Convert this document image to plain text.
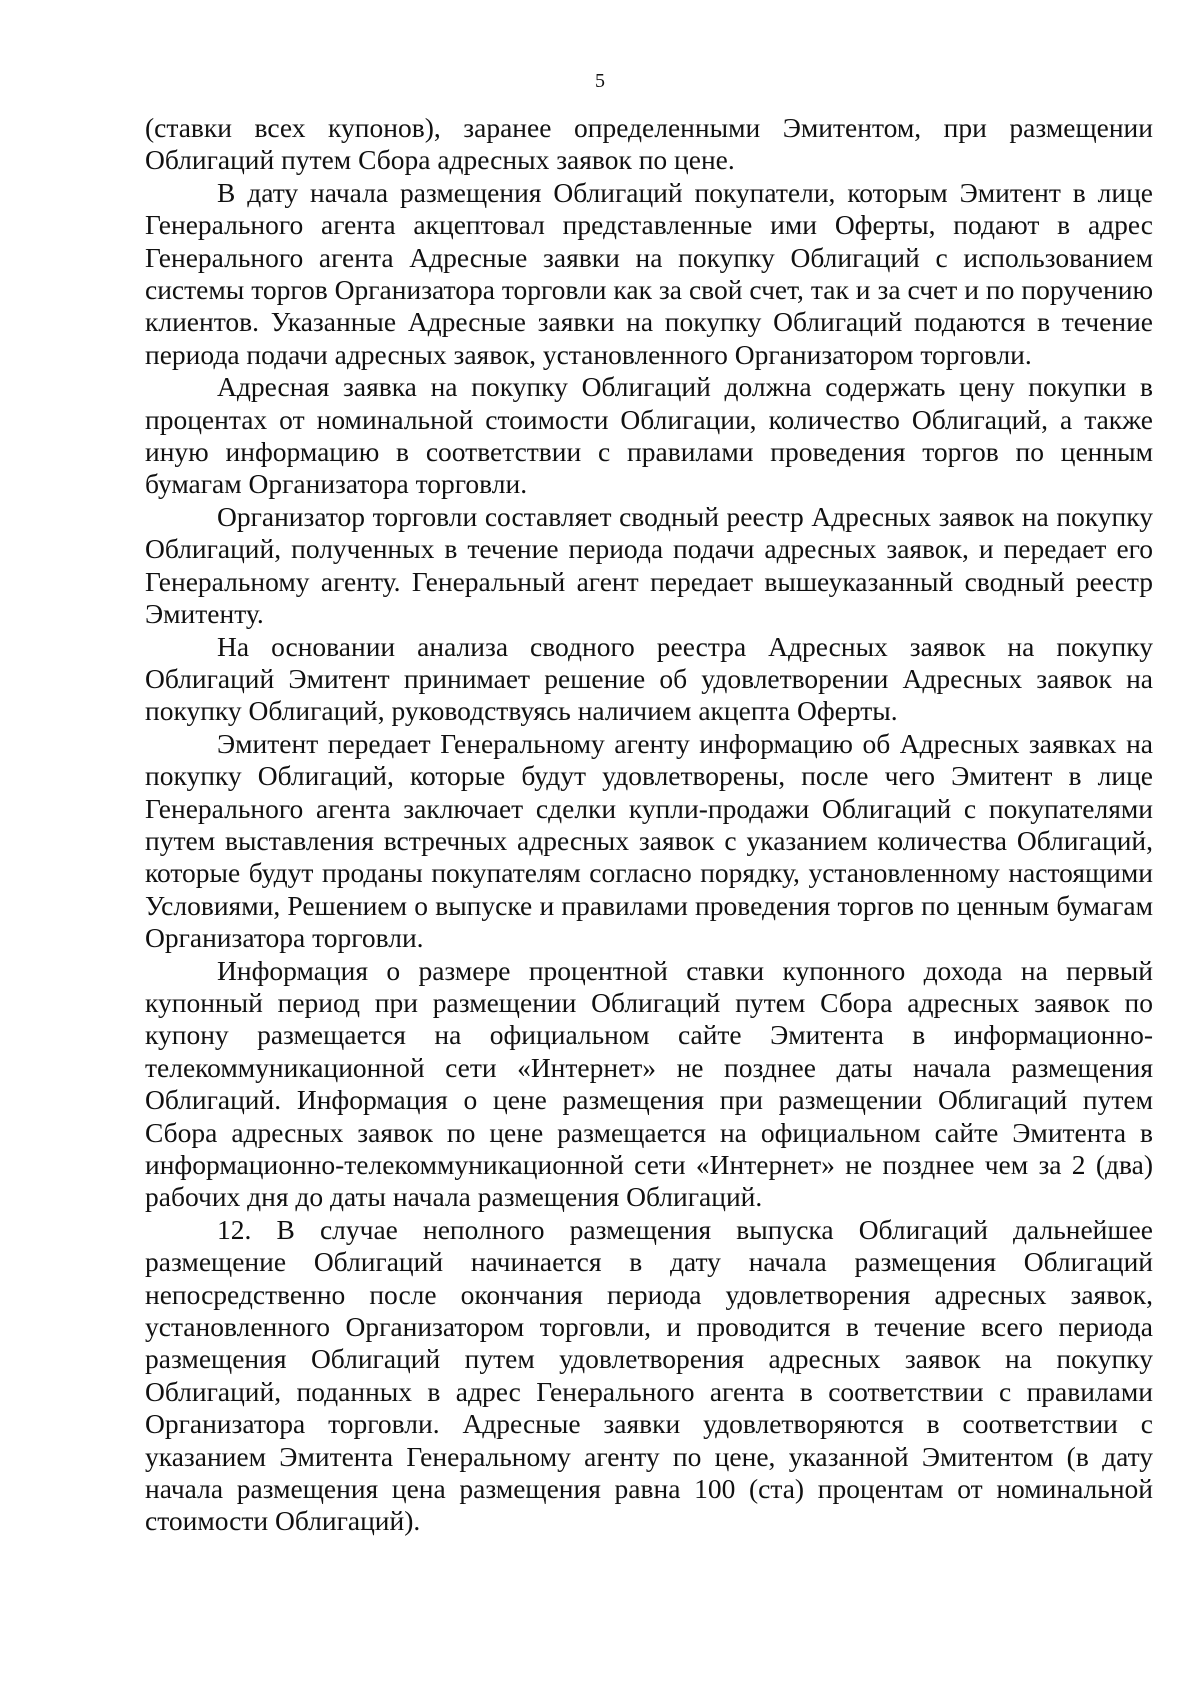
5

(ставки всех купонов), заранее определенными Эмитентом, при размещении Облигаций путем Сбора адресных заявок по цене.

В дату начала размещения Облигаций покупатели, которым Эмитент в лице Генерального агента акцептовал представленные ими Оферты, подают в адрес Генерального агента Адресные заявки на покупку Облигаций с использованием системы торгов Организатора торговли как за свой счет, так и за счет и по поручению клиентов. Указанные Адресные заявки на покупку Облигаций подаются в течение периода подачи адресных заявок, установленного Организатором торговли.

Адресная заявка на покупку Облигаций должна содержать цену покупки в процентах от номинальной стоимости Облигации, количество Облигаций, а также иную информацию в соответствии с правилами проведения торгов по ценным бумагам Организатора торговли.

Организатор торговли составляет сводный реестр Адресных заявок на покупку Облигаций, полученных в течение периода подачи адресных заявок, и передает его Генеральному агенту. Генеральный агент передает вышеуказанный сводный реестр Эмитенту.

На основании анализа сводного реестра Адресных заявок на покупку Облигаций Эмитент принимает решение об удовлетворении Адресных заявок на покупку Облигаций, руководствуясь наличием акцепта Оферты.

Эмитент передает Генеральному агенту информацию об Адресных заявках на покупку Облигаций, которые будут удовлетворены, после чего Эмитент в лице Генерального агента заключает сделки купли-продажи Облигаций с покупателями путем выставления встречных адресных заявок с указанием количества Облигаций, которые будут проданы покупателям согласно порядку, установленному настоящими Условиями, Решением о выпуске и правилами проведения торгов по ценным бумагам Организатора торговли.

Информация о размере процентной ставки купонного дохода на первый купонный период при размещении Облигаций путем Сбора адресных заявок по купону размещается на официальном сайте Эмитента в информационно-телекоммуникационной сети «Интернет» не позднее даты начала размещения Облигаций. Информация о цене размещения при размещении Облигаций путем Сбора адресных заявок по цене размещается на официальном сайте Эмитента в информационно-телекоммуникационной сети «Интернет» не позднее чем за 2 (два) рабочих дня до даты начала размещения Облигаций.

12. В случае неполного размещения выпуска Облигаций дальнейшее размещение Облигаций начинается в дату начала размещения Облигаций непосредственно после окончания периода удовлетворения адресных заявок, установленного Организатором торговли, и проводится в течение всего периода размещения Облигаций путем удовлетворения адресных заявок на покупку Облигаций, поданных в адрес Генерального агента в соответствии с правилами Организатора торговли. Адресные заявки удовлетворяются в соответствии с указанием Эмитента Генеральному агенту по цене, указанной Эмитентом (в дату начала размещения цена размещения равна 100 (ста) процентам от номинальной стоимости Облигаций).
